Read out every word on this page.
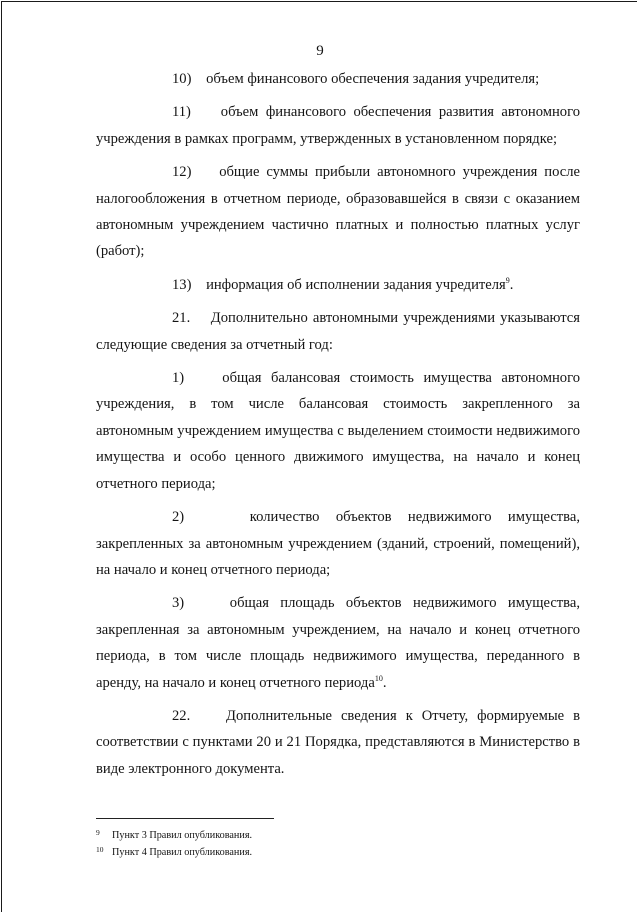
9

10) объем финансового обеспечения задания учредителя;

11) объем финансового обеспечения развития автономного учреждения в рамках программ, утвержденных в установленном порядке;

12) общие суммы прибыли автономного учреждения после налогообложения в отчетном периоде, образовавшейся в связи с оказанием автономным учреждением частично платных и полностью платных услуг (работ);

13) информация об исполнении задания учредителя$^9$.

21. Дополнительно автономными учреждениями указываются следующие сведения за отчетный год:

1)	общая балансовая стоимость имущества автономного учреждения, в том числе балансовая стоимость закрепленного за автономным учреждением имущества с выделением стоимости недвижимого имущества и особо ценного движимого имущества, на начало и конец отчетного периода;

2)	количество объектов недвижимого имущества, закрепленных за автономным учреждением (зданий, строений, помещений), на начало и конец отчетного периода;

3)	общая площадь объектов недвижимого имущества, закрепленная за автономным учреждением, на начало и конец отчетного периода, в том числе площадь недвижимого имущества, переданного в аренду, на начало и конец отчетного периода$^{10}$.

22. Дополнительные сведения к Отчету, формируемые в соответствии с пунктами 20 и 21 Порядка, представляются в Министерство в виде электронного документа.

9 Пункт 3 Правил опубликования.
10 Пункт 4 Правил опубликования.
